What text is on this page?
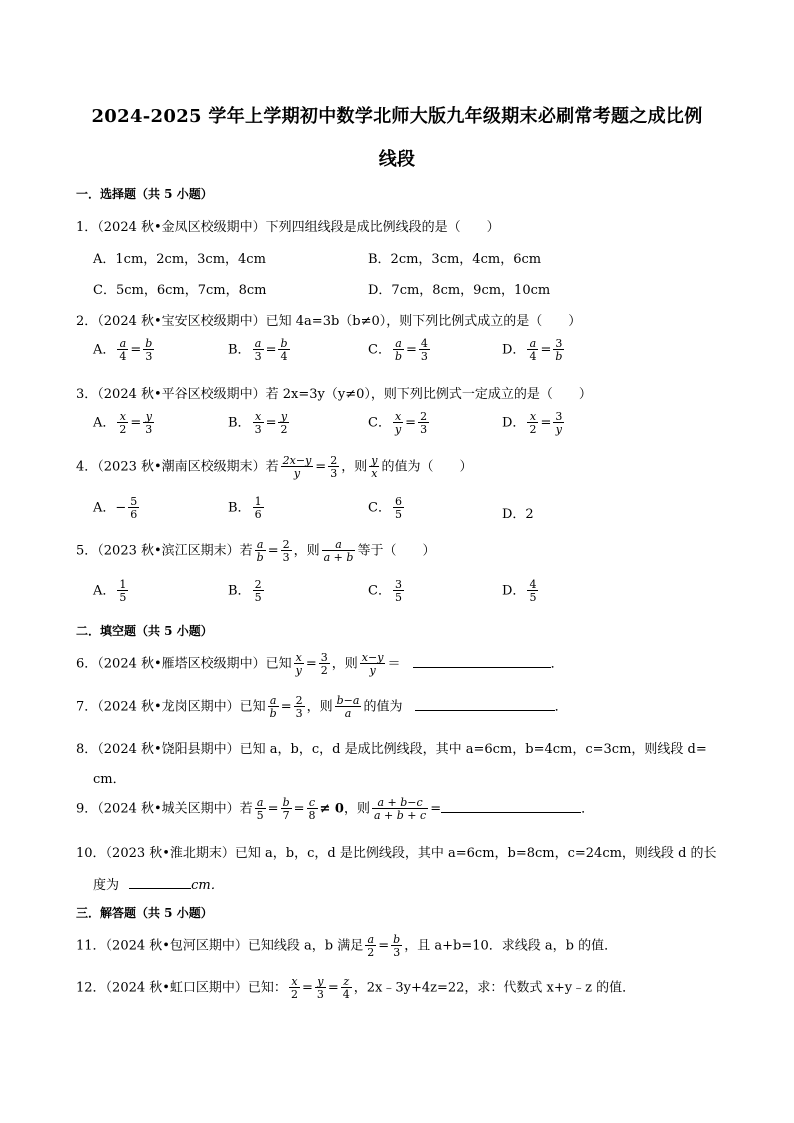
2024-2025 学年上学期初中数学北师大版九年级期末必刷常考题之成比例
线段
一．选择题（共 5 小题）
1．（2024 秋•金凤区校级期中）下列四组线段是成比例线段的是（　　）
A．1cm，2cm，3cm，4cm	B．2cm，3cm，4cm，6cm
C．5cm，6cm，7cm，8cm	D．7cm，8cm，9cm，10cm
2．（2024 秋•宝安区校级期中）已知 4a=3b（b≠0），则下列比例式成立的是（　　）
A． $\frac{a}{4} = \frac{b}{3}$	B． $\frac{a}{3} = \frac{b}{4}$	C． $\frac{a}{b} = \frac{4}{3}$	D． $\frac{a}{4} = \frac{3}{b}$
3．（2024 秋•平谷区校级期中）若 2x=3y（y≠0），则下列比例式一定成立的是（　　）
A． $\frac{x}{2} = \frac{y}{3}$	B． $\frac{x}{3} = \frac{y}{2}$	C． $\frac{x}{y} = \frac{2}{3}$	D． $\frac{x}{2} = \frac{3}{y}$
4．（2023 秋•潮南区校级期末）若 $\frac{2x-y}{y} = \frac{2}{3}$ ，则 $\frac{y}{x}$ 的值为（　　）
A．− $\frac{5}{6}$	B． $\frac{1}{6}$	C． $\frac{6}{5}$	D．2
5．（2023 秋•滨江区期末）若 $\frac{a}{b} = \frac{2}{3}$ ，则 $\frac{a}{a + b}$ 等于（　　）
A． $\frac{1}{5}$	B． $\frac{2}{5}$	C． $\frac{3}{5}$	D． $\frac{4}{5}$
二．填空题（共 5 小题）
6．（2024 秋•雁塔区校级期中）已知 $\frac{x}{y} = \frac{3}{2}$ ，则 $\frac{x-y}{y}$ ＝	．
7．（2024 秋•龙岗区期中）已知 $\frac{a}{b} = \frac{2}{3}$ ，则 $\frac{b-a}{a}$ 的值为	．
8．（2024 秋•饶阳县期中）已知 a，b，c，d 是成比例线段，其中 a=6cm，b=4cm，c=3cm，则线段 d=
cm．
9．（2024 秋•城关区期中）若 $\frac{a}{5} = \frac{b}{7} = \frac{c}{8} \ne 0$，则 $\frac{a + b-c}{a + b + c}$ =	．
10．（2023 秋•淮北期末）已知 a，b，c，d 是比例线段，其中 a=6cm，b=8cm，c=24cm，则线段 d 的长
度为	cm．
三．解答题（共 5 小题）
11．（2024 秋•包河区期中）已知线段 a，b 满足 $\frac{a}{2} = \frac{b}{3}$ ，且 a+b=10．求线段 a，b 的值．
12．（2024 秋•虹口区期中）已知： $\frac{x}{2} = \frac{y}{3} = \frac{z}{4}$ ，2x﹣3y+4z=22，求：代数式 x+y﹣z 的值．
